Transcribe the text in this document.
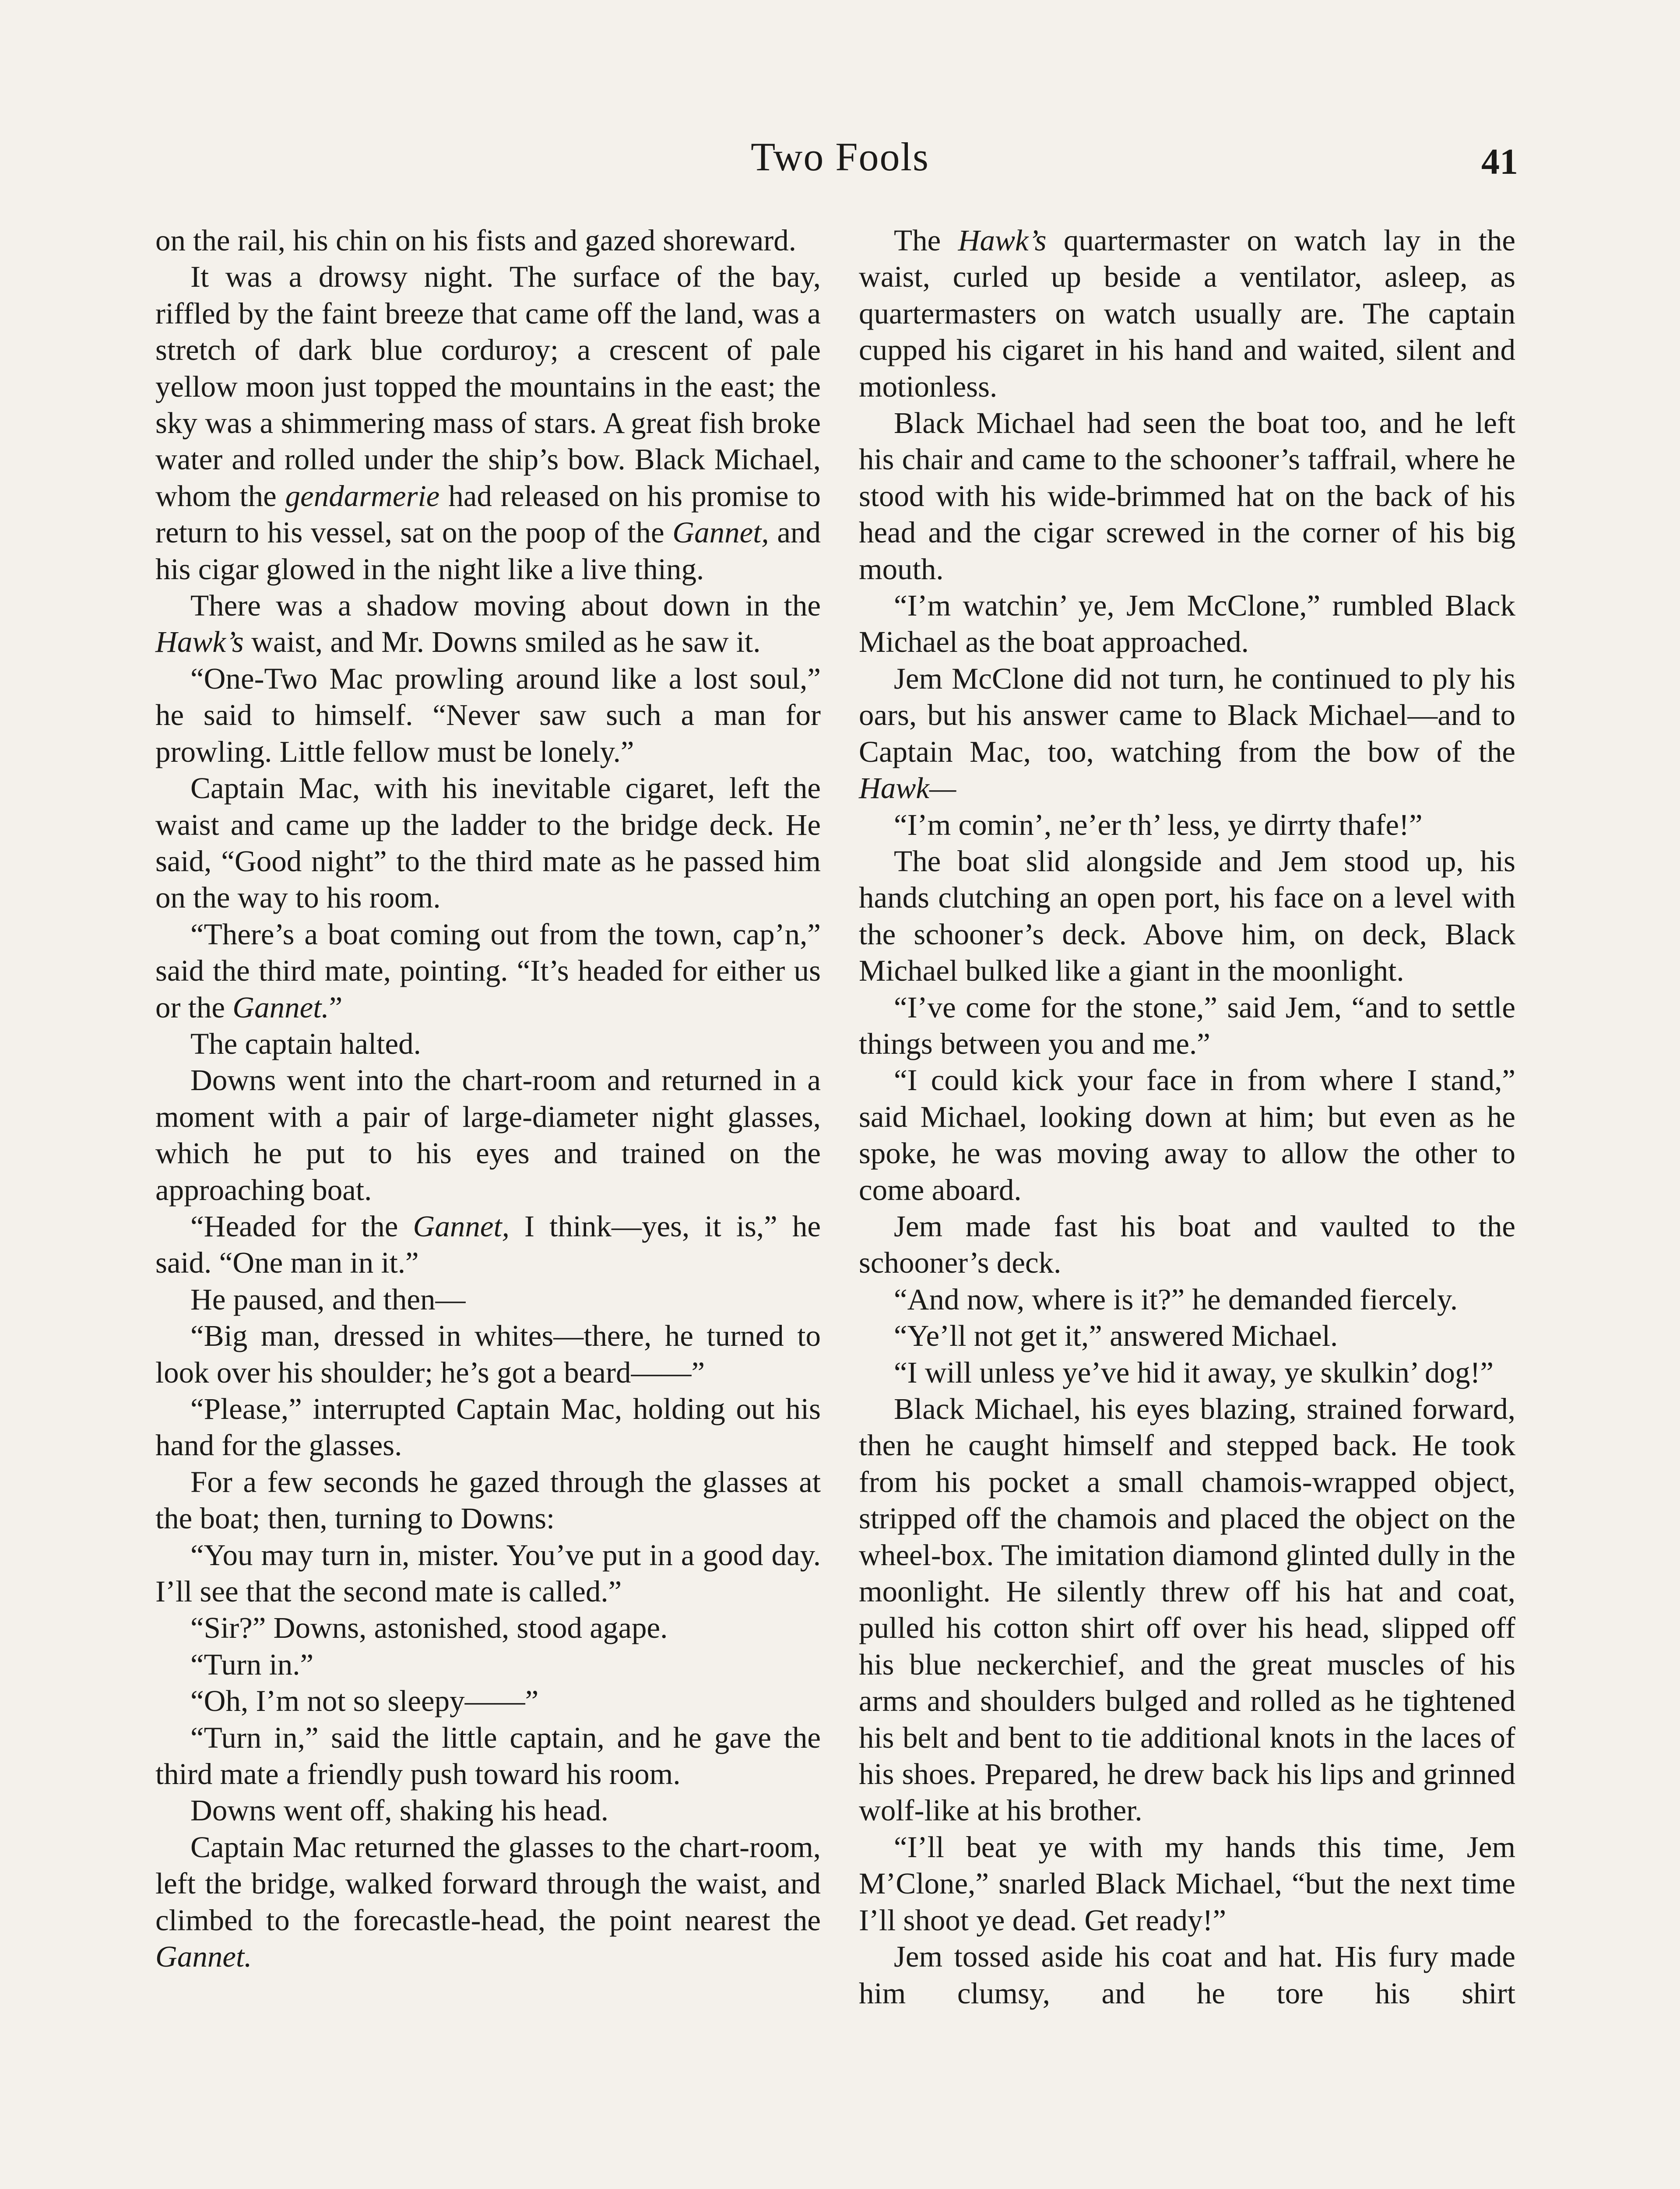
Two Fools	41

on the rail, his chin on his fists and gazed shoreward.

It was a drowsy night. The surface of the bay, riffled by the faint breeze that came off the land, was a stretch of dark blue corduroy; a crescent of pale yellow moon just topped the mountains in the east; the sky was a shimmering mass of stars. A great fish broke water and rolled under the ship’s bow. Black Michael, whom the gendarmerie had released on his promise to return to his vessel, sat on the poop of the Gannet, and his cigar glowed in the night like a live thing.

There was a shadow moving about down in the Hawk’s waist, and Mr. Downs smiled as he saw it.

“One-Two Mac prowling around like a lost soul,” he said to himself. “Never saw such a man for prowling. Little fellow must be lonely.”

Captain Mac, with his inevitable cigaret, left the waist and came up the ladder to the bridge deck. He said, “Good night” to the third mate as he passed him on the way to his room.

“There’s a boat coming out from the town, cap’n,” said the third mate, pointing. “It’s headed for either us or the Gannet.”

The captain halted.

Downs went into the chart-room and returned in a moment with a pair of large-diameter night glasses, which he put to his eyes and trained on the approaching boat.

“Headed for the Gannet, I think—yes, it is,” he said. “One man in it.”

He paused, and then—

“Big man, dressed in whites—there, he turned to look over his shoulder; he’s got a beard——”

“Please,” interrupted Captain Mac, holding out his hand for the glasses.

For a few seconds he gazed through the glasses at the boat; then, turning to Downs:

“You may turn in, mister. You’ve put in a good day. I’ll see that the second mate is called.”

“Sir?” Downs, astonished, stood agape.

“Turn in.”

“Oh, I’m not so sleepy——”

“Turn in,” said the little captain, and he gave the third mate a friendly push toward his room.

Downs went off, shaking his head.

Captain Mac returned the glasses to the chart-room, left the bridge, walked forward through the waist, and climbed to the forecastle-head, the point nearest the Gannet.

The Hawk’s quartermaster on watch lay in the waist, curled up beside a ventilator, asleep, as quartermasters on watch usually are. The captain cupped his cigaret in his hand and waited, silent and motionless.

Black Michael had seen the boat too, and he left his chair and came to the schooner’s taffrail, where he stood with his wide-brimmed hat on the back of his head and the cigar screwed in the corner of his big mouth.

“I’m watchin’ ye, Jem McClone,” rumbled Black Michael as the boat approached.

Jem McClone did not turn, he continued to ply his oars, but his answer came to Black Michael—and to Captain Mac, too, watching from the bow of the Hawk—

“I’m comin’, ne’er th’ less, ye dirrty thafe!”

The boat slid alongside and Jem stood up, his hands clutching an open port, his face on a level with the schooner’s deck. Above him, on deck, Black Michael bulked like a giant in the moonlight.

“I’ve come for the stone,” said Jem, “and to settle things between you and me.”

“I could kick your face in from where I stand,” said Michael, looking down at him; but even as he spoke, he was moving away to allow the other to come aboard.

Jem made fast his boat and vaulted to the schooner’s deck.

“And now, where is it?” he demanded fiercely.

“Ye’ll not get it,” answered Michael.

“I will unless ye’ve hid it away, ye skulkin’ dog!”

Black Michael, his eyes blazing, strained forward, then he caught himself and stepped back. He took from his pocket a small chamois-wrapped object, stripped off the chamois and placed the object on the wheel-box. The imitation diamond glinted dully in the moonlight. He silently threw off his hat and coat, pulled his cotton shirt off over his head, slipped off his blue neckerchief, and the great muscles of his arms and shoulders bulged and rolled as he tightened his belt and bent to tie additional knots in the laces of his shoes. Prepared, he drew back his lips and grinned wolf-like at his brother.

“I’ll beat ye with my hands this time, Jem M’Clone,” snarled Black Michael, “but the next time I’ll shoot ye dead. Get ready!”

Jem tossed aside his coat and hat. His fury made him clumsy, and he tore his shirt
